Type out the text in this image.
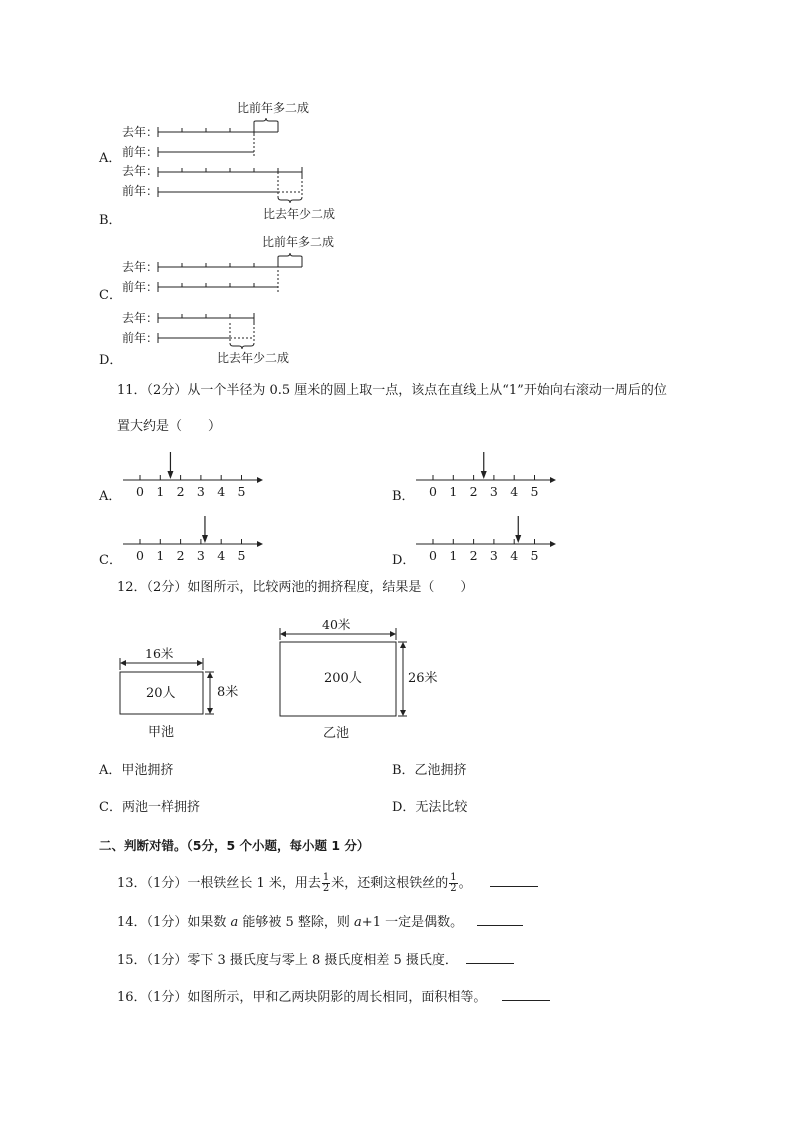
比前年多二成
去年：
前年：
A．
去年：
前年：
比去年少二成
B．
比前年多二成
去年：
前年：
C．
去年：
前年：
D．	比去年少二成
11．（2分）从一个半径为 0.5 厘米的圆上取一点，该点在直线上从“1”开始向右滚动一周后的位
置大约是（　　）
A． 0 1 2 3 4 5	B． 0 1 2 3 4 5
C． 0 1 2 3 4 5	D． 0 1 2 3 4 5
12．（2分）如图所示，比较两池的拥挤程度，结果是（　　）
16米
20人	8米
甲池
40米
200人	26米
乙池
A．甲池拥挤	B．乙池拥挤
C．两池一样拥挤	D．无法比较
二、判断对错。（5分，5 个小题，每小题 1 分）
13．（1分）一根铁丝长 1 米，用去 $\frac{1}{2}$ 米，还剩这根铁丝的 $\frac{1}{2}$ 。
14．（1分）如果数 a 能够被 5 整除，则 a+1 一定是偶数。
15．（1分）零下 3 摄氏度与零上 8 摄氏度相差 5 摄氏度．
16．（1分）如图所示，甲和乙两块阴影的周长相同，面积相等。
